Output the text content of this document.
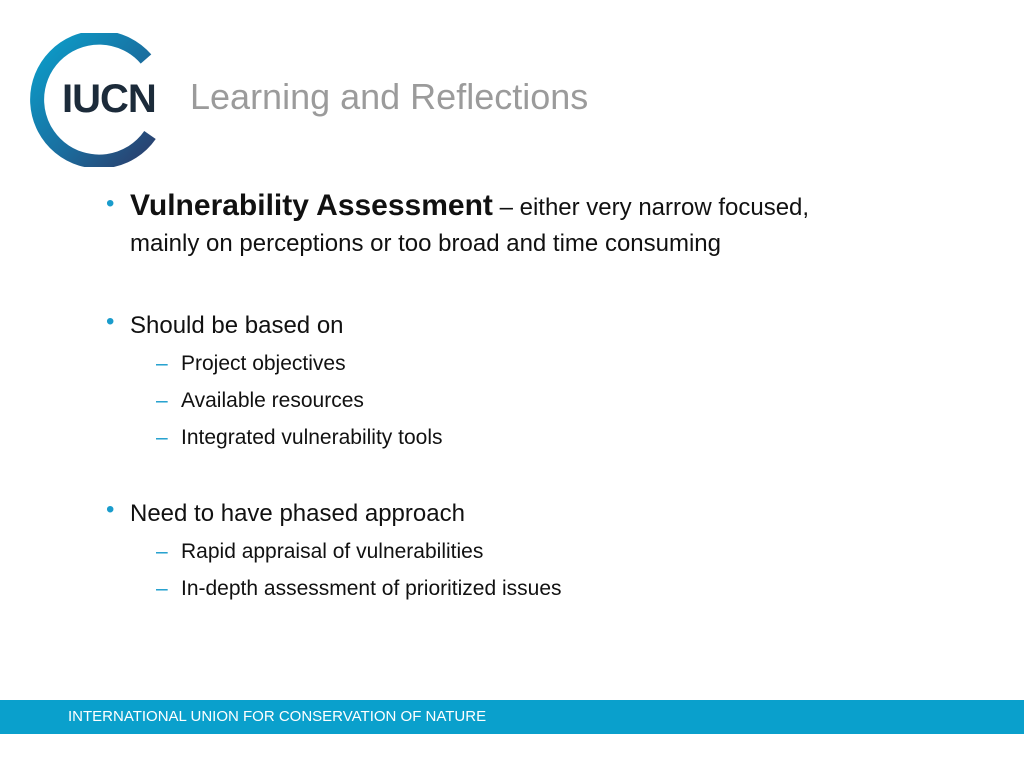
IUCN Learning and Reflections
• Vulnerability Assessment – either very narrow focused,
mainly on perceptions or too broad and time consuming
• Should be based on
– Project objectives
– Available resources
– Integrated vulnerability tools
• Need to have phased approach
– Rapid appraisal of vulnerabilities
– In-depth assessment of prioritized issues
INTERNATIONAL UNION FOR CONSERVATION OF NATURE
